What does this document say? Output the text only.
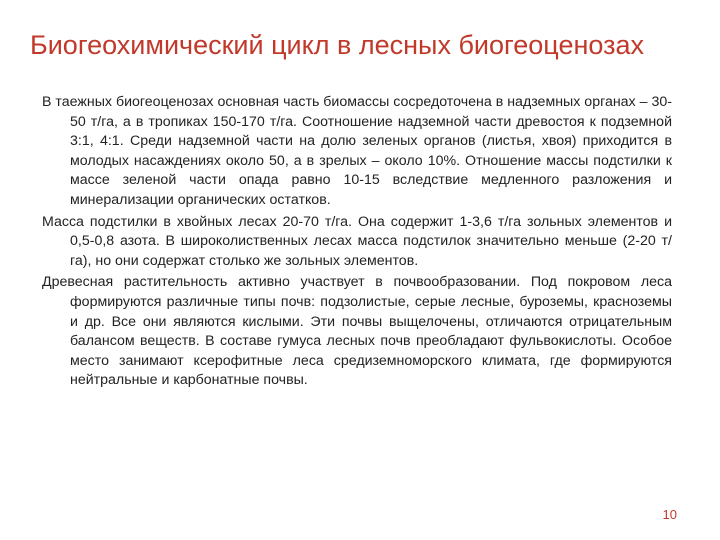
Биогеохимический цикл в лесных биогеоценозах

В таежных биогеоценозах основная часть биомассы сосредоточена в надземных органах – 30-50 т/га, а в тропиках 150-170 т/га. Соотношение надземной части древостоя к подземной 3:1, 4:1. Среди надземной части на долю зеленых органов (листья, хвоя) приходится в молодых насаждениях около 50, а в зрелых – около 10%. Отношение массы подстилки к массе зеленой части опада равно 10-15 вследствие медленного разложения и минерализации органических остатков.

Масса подстилки в хвойных лесах 20-70 т/га. Она содержит 1-3,6 т/га зольных элементов и 0,5-0,8 азота. В широколиственных лесах масса подстилок значительно меньше (2-20 т/га), но они содержат столько же зольных элементов.

Древесная растительность активно участвует в почвообразовании. Под покровом леса формируются различные типы почв: подзолистые, серые лесные, буроземы, красноземы и др. Все они являются кислыми. Эти почвы выщелочены, отличаются отрицательным балансом веществ. В составе гумуса лесных почв преобладают фульвокислоты. Особое место занимают ксерофитные леса средиземноморского климата, где формируются нейтральные и карбонатные почвы.

10
